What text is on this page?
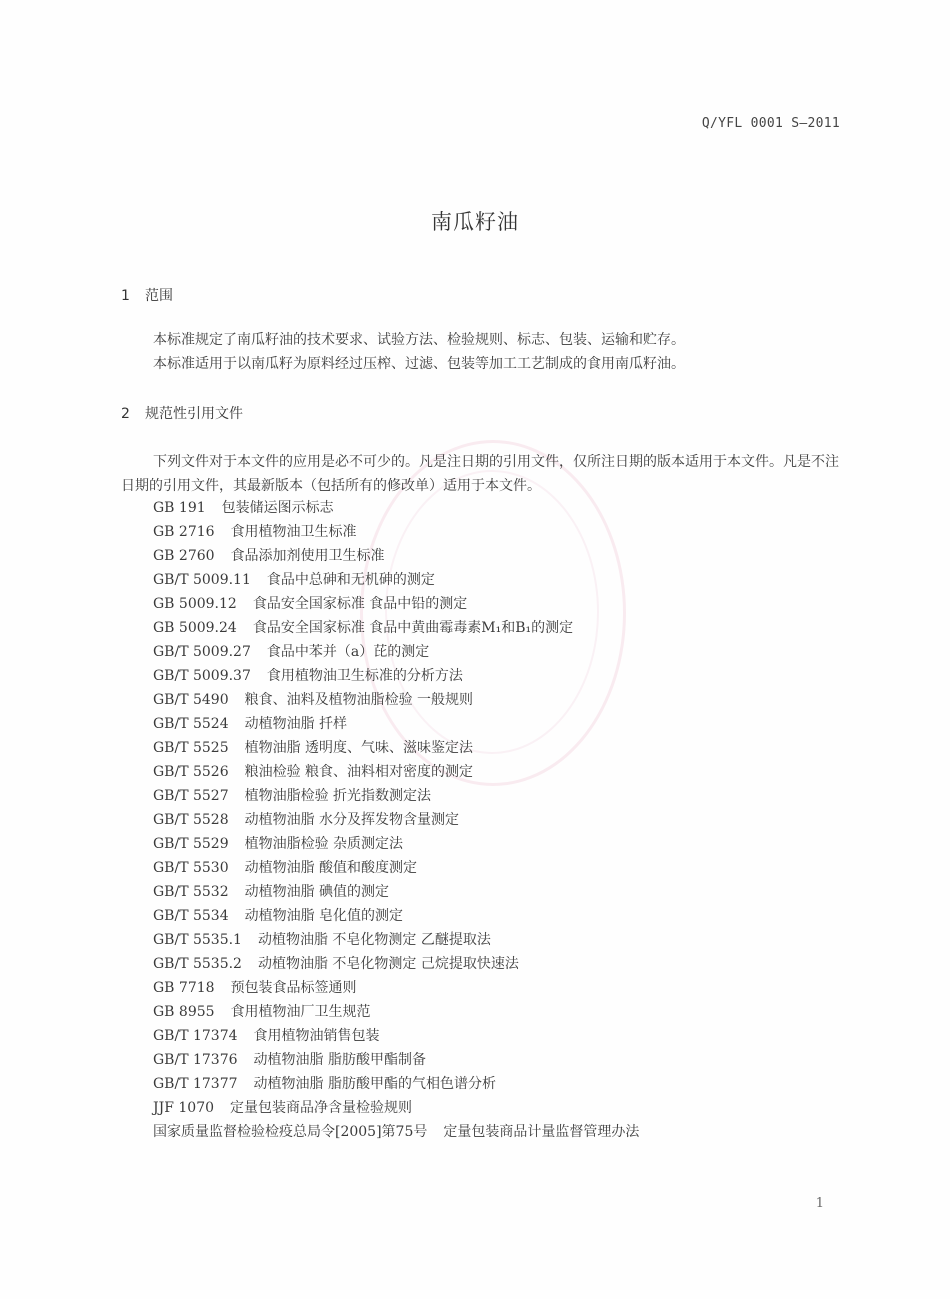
Q/YFL 0001 S—2011
南瓜籽油
1 范围
本标准规定了南瓜籽油的技术要求、试验方法、检验规则、标志、包装、运输和贮存。
本标准适用于以南瓜籽为原料经过压榨、过滤、包装等加工工艺制成的食用南瓜籽油。
2 规范性引用文件
下列文件对于本文件的应用是必不可少的。凡是注日期的引用文件，仅所注日期的版本适用于本文件。凡是不注日期的引用文件，其最新版本（包括所有的修改单）适用于本文件。
GB 191 包装储运图示标志
GB 2716 食用植物油卫生标准
GB 2760 食品添加剂使用卫生标准
GB/T 5009.11 食品中总砷和无机砷的测定
GB 5009.12 食品安全国家标准 食品中铅的测定
GB 5009.24 食品安全国家标准 食品中黄曲霉毒素M₁和B₁的测定
GB/T 5009.27 食品中苯并（a）芘的测定
GB/T 5009.37 食用植物油卫生标准的分析方法
GB/T 5490 粮食、油料及植物油脂检验 一般规则
GB/T 5524 动植物油脂 扦样
GB/T 5525 植物油脂 透明度、气味、滋味鉴定法
GB/T 5526 粮油检验 粮食、油料相对密度的测定
GB/T 5527 植物油脂检验 折光指数测定法
GB/T 5528 动植物油脂 水分及挥发物含量测定
GB/T 5529 植物油脂检验 杂质测定法
GB/T 5530 动植物油脂 酸值和酸度测定
GB/T 5532 动植物油脂 碘值的测定
GB/T 5534 动植物油脂 皂化值的测定
GB/T 5535.1 动植物油脂 不皂化物测定 乙醚提取法
GB/T 5535.2 动植物油脂 不皂化物测定 己烷提取快速法
GB 7718 预包装食品标签通则
GB 8955 食用植物油厂卫生规范
GB/T 17374 食用植物油销售包装
GB/T 17376 动植物油脂 脂肪酸甲酯制备
GB/T 17377 动植物油脂 脂肪酸甲酯的气相色谱分析
JJF 1070 定量包装商品净含量检验规则
国家质量监督检验检疫总局令[2005]第75号 定量包装商品计量监督管理办法
1
